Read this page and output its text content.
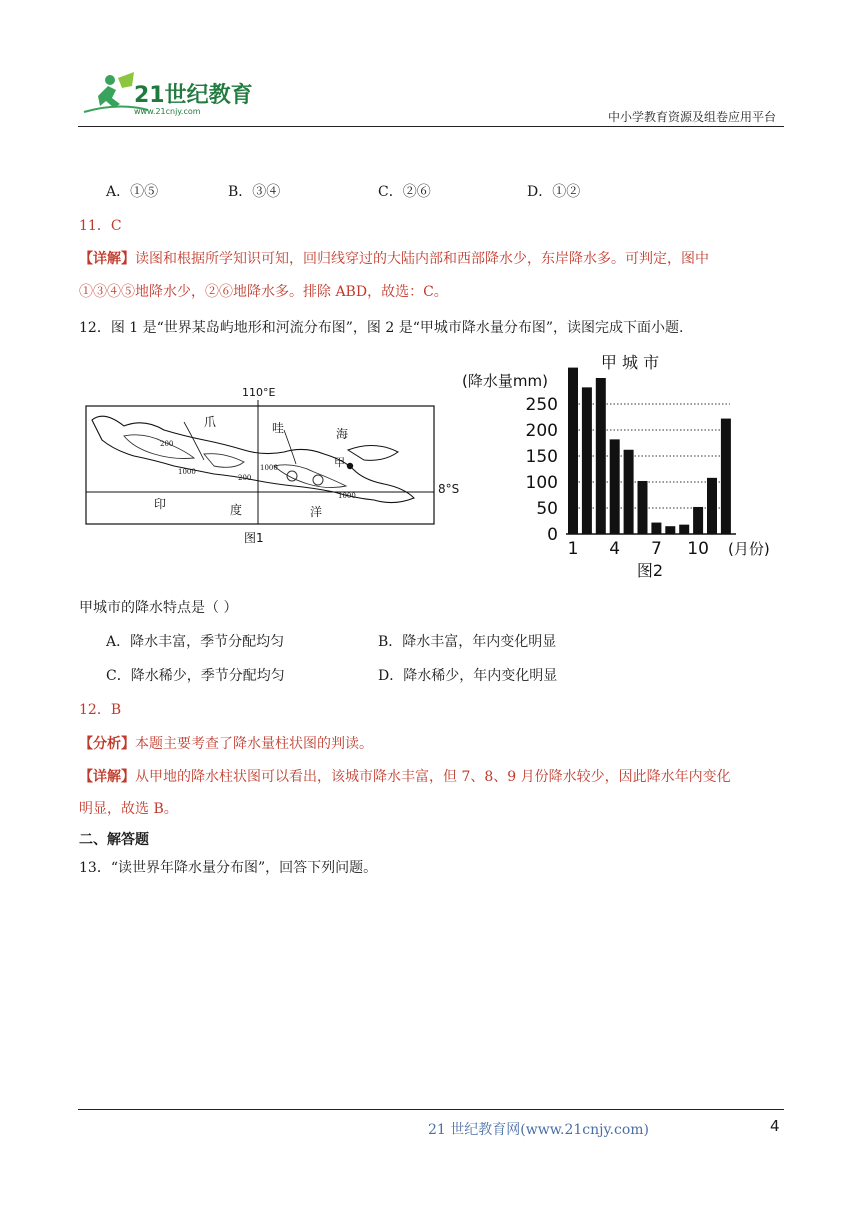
21世纪教育
www.21cnjy.com	中小学教育资源及组卷应用平台
A．①⑤	B．③④	C．②⑥	D．①②
11．C
【详解】读图和根据所学知识可知，回归线穿过的大陆内部和西部降水少，东岸降水多。可判定，图中
①③④⑤地降水少，②⑥地降水多。排除 ABD，故选：C。
12．图 1 是“世界某岛屿地形和河流分布图”，图 2 是“甲城市降水量分布图”，读图完成下面小题.
110°E
爪	哇	海
甲
印	度	洋
200
1000
200
1000
1000
图1
8°S
甲 城 市
(降水量mm)
0
50
100
150
200
250
1 4 7 10 (月份)
图2
甲城市的降水特点是（ ）
A．降水丰富，季节分配均匀	B．降水丰富，年内变化明显
C．降水稀少，季节分配均匀	D．降水稀少，年内变化明显
12．B
【分析】本题主要考查了降水量柱状图的判读。
【详解】从甲地的降水柱状图可以看出，该城市降水丰富，但 7、8、9 月份降水较少，因此降水年内变化
明显，故选 B。
二、解答题
13．“读世界年降水量分布图”，回答下列问题。
21 世纪教育网(www.21cnjy.com)	4
